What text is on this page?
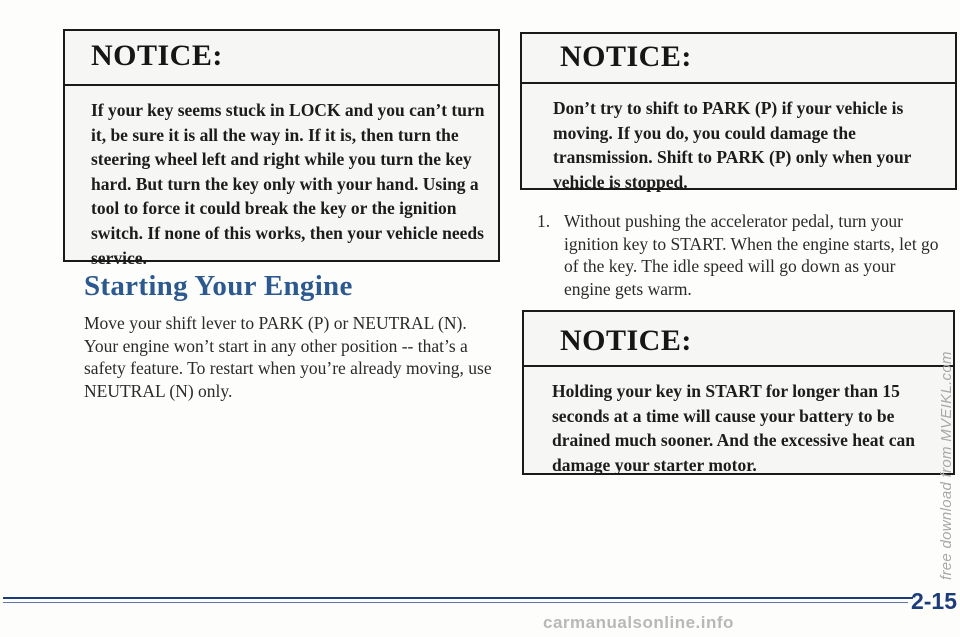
NOTICE:
If your key seems stuck in LOCK and you can’t turn it, be sure it is all the way in. If it is, then turn the steering wheel left and right while you turn the key hard. But turn the key only with your hand. Using a tool to force it could break the key or the ignition switch. If none of this works, then your vehicle needs service.
Starting Your Engine
Move your shift lever to PARK (P) or NEUTRAL (N). Your engine won’t start in any other position -- that’s a safety feature. To restart when you’re already moving, use NEUTRAL (N) only.
NOTICE:
Don’t try to shift to PARK (P) if your vehicle is moving. If you do, you could damage the transmission. Shift to PARK (P) only when your vehicle is stopped.
1. Without pushing the accelerator pedal, turn your ignition key to START. When the engine starts, let go of the key. The idle speed will go down as your engine gets warm.
NOTICE:
Holding your key in START for longer than 15 seconds at a time will cause your battery to be drained much sooner. And the excessive heat can damage your starter motor.
2-15
free download from MVEIKL.com
carmanualsonline.info
